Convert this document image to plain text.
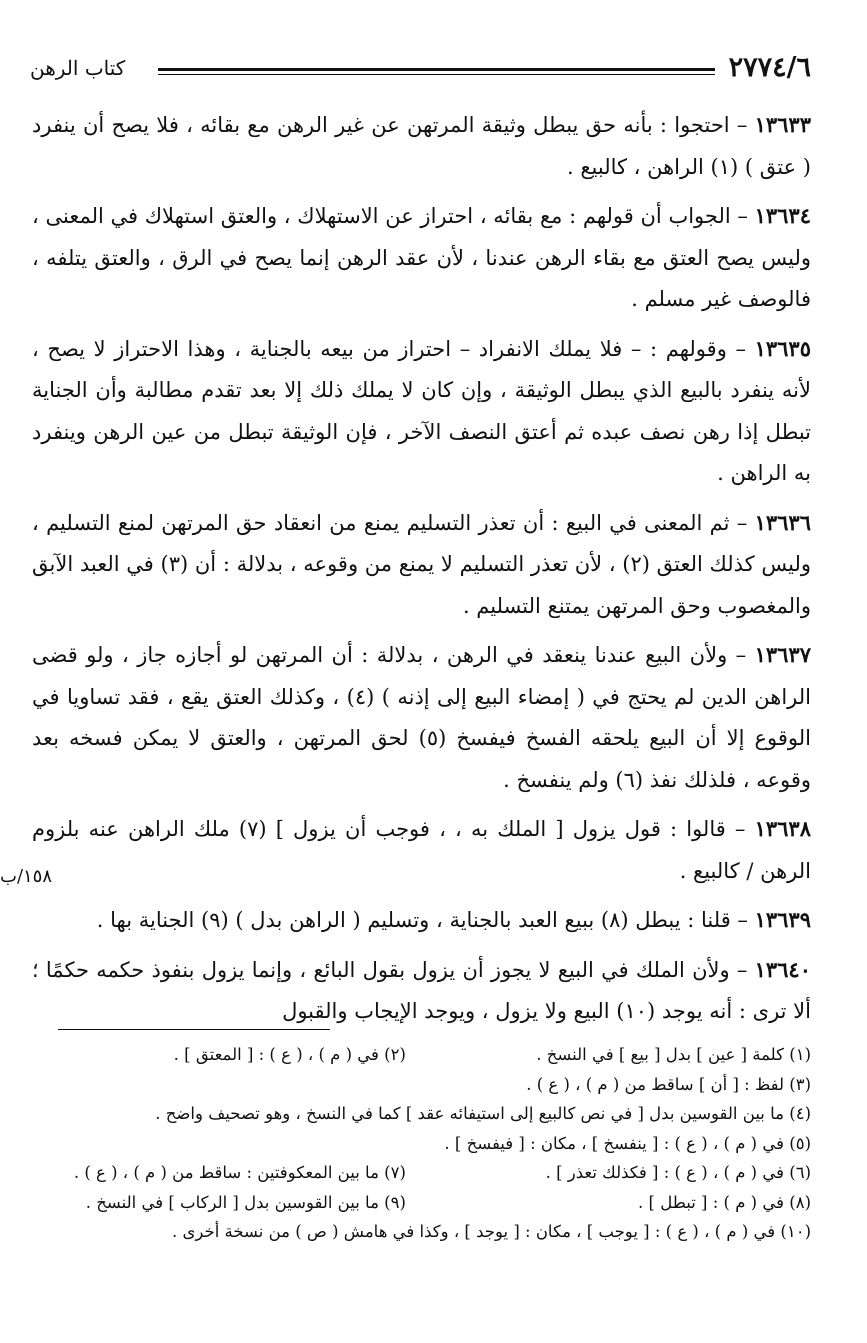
٢٧٧٤/٦
كتاب الرهن

١٣٦٣٣ – احتجوا : بأنه حق يبطل وثيقة المرتهن عن غير الرهن مع بقائه ، فلا يصح أن ينفرد ( عتق ) (١) الراهن ، كالبيع .

١٣٦٣٤ – الجواب أن قولهم : مع بقائه ، احتراز عن الاستهلاك ، والعتق استهلاك في المعنى ، وليس يصح العتق مع بقاء الرهن عندنا ، لأن عقد الرهن إنما يصح في الرق ، والعتق يتلفه ، فالوصف غير مسلم .

١٣٦٣٥ – وقولهم : – فلا يملك الانفراد – احتراز من بيعه بالجناية ، وهذا الاحتراز لا يصح ، لأنه ينفرد بالبيع الذي يبطل الوثيقة ، وإن كان لا يملك ذلك إلا بعد تقدم مطالبة وأن الجناية تبطل إذا رهن نصف عبده ثم أعتق النصف الآخر ، فإن الوثيقة تبطل من عين الرهن وينفرد به الراهن .

١٣٦٣٦ – ثم المعنى في البيع : أن تعذر التسليم يمنع من انعقاد حق المرتهن لمنع التسليم ، وليس كذلك العتق (٢) ، لأن تعذر التسليم لا يمنع من وقوعه ، بدلالة : أن (٣) في العبد الآبق والمغصوب وحق المرتهن يمتنع التسليم .

١٣٦٣٧ – ولأن البيع عندنا ينعقد في الرهن ، بدلالة : أن المرتهن لو أجازه جاز ، ولو قضى الراهن الدين لم يحتج في ( إمضاء البيع إلى إذنه ) (٤) ، وكذلك العتق يقع ، فقد تساويا في الوقوع إلا أن البيع يلحقه الفسخ فيفسخ (٥) لحق المرتهن ، والعتق لا يمكن فسخه بعد وقوعه ، فلذلك نفذ (٦) ولم ينفسخ .

١٣٦٣٨ – قالوا : قول يزول [ الملك به ، ، فوجب أن يزول ] (٧) ملك الراهن عنه بلزوم الرهن / كالبيع .

١٣٦٣٩ – قلنا : يبطل (٨) ببيع العبد بالجناية ، وتسليم ( الراهن بدل ) (٩) الجناية بها .

١٣٦٤٠ – ولأن الملك في البيع لا يجوز أن يزول بقول البائع ، وإنما يزول بنفوذ حكمه حكمًا ؛ ألا ترى : أنه يوجد (١٠) البيع ولا يزول ، ويوجد الإيجاب والقبول

١٥٨/ب
(١) كلمة [ عين ] بدل [ بيع ] في النسخ .
(٢) في ( م ) ، ( ع ) : [ المعتق ] .
(٣) لفظ : [ أن ] ساقط من ( م ) ، ( ع ) .
(٤) ما بين القوسين بدل [ في نص كالبيع إلى استيفائه عقد ] كما في النسخ ، وهو تصحيف واضح .
(٥) في ( م ) ، ( ع ) : [ ينفسخ ] ، مكان : [ فيفسخ ] .
(٦) في ( م ) ، ( ع ) : [ فكذلك تعذر ] .
(٧) ما بين المعكوفتين : ساقط من ( م ) ، ( ع ) .
(٨) في ( م ) : [ تبطل ] .
(٩) ما بين القوسين بدل [ الركاب ] في النسخ .
(١٠) في ( م ) ، ( ع ) : [ يوجب ] ، مكان : [ يوجد ] ، وكذا في هامش ( ص ) من نسخة أخرى .
